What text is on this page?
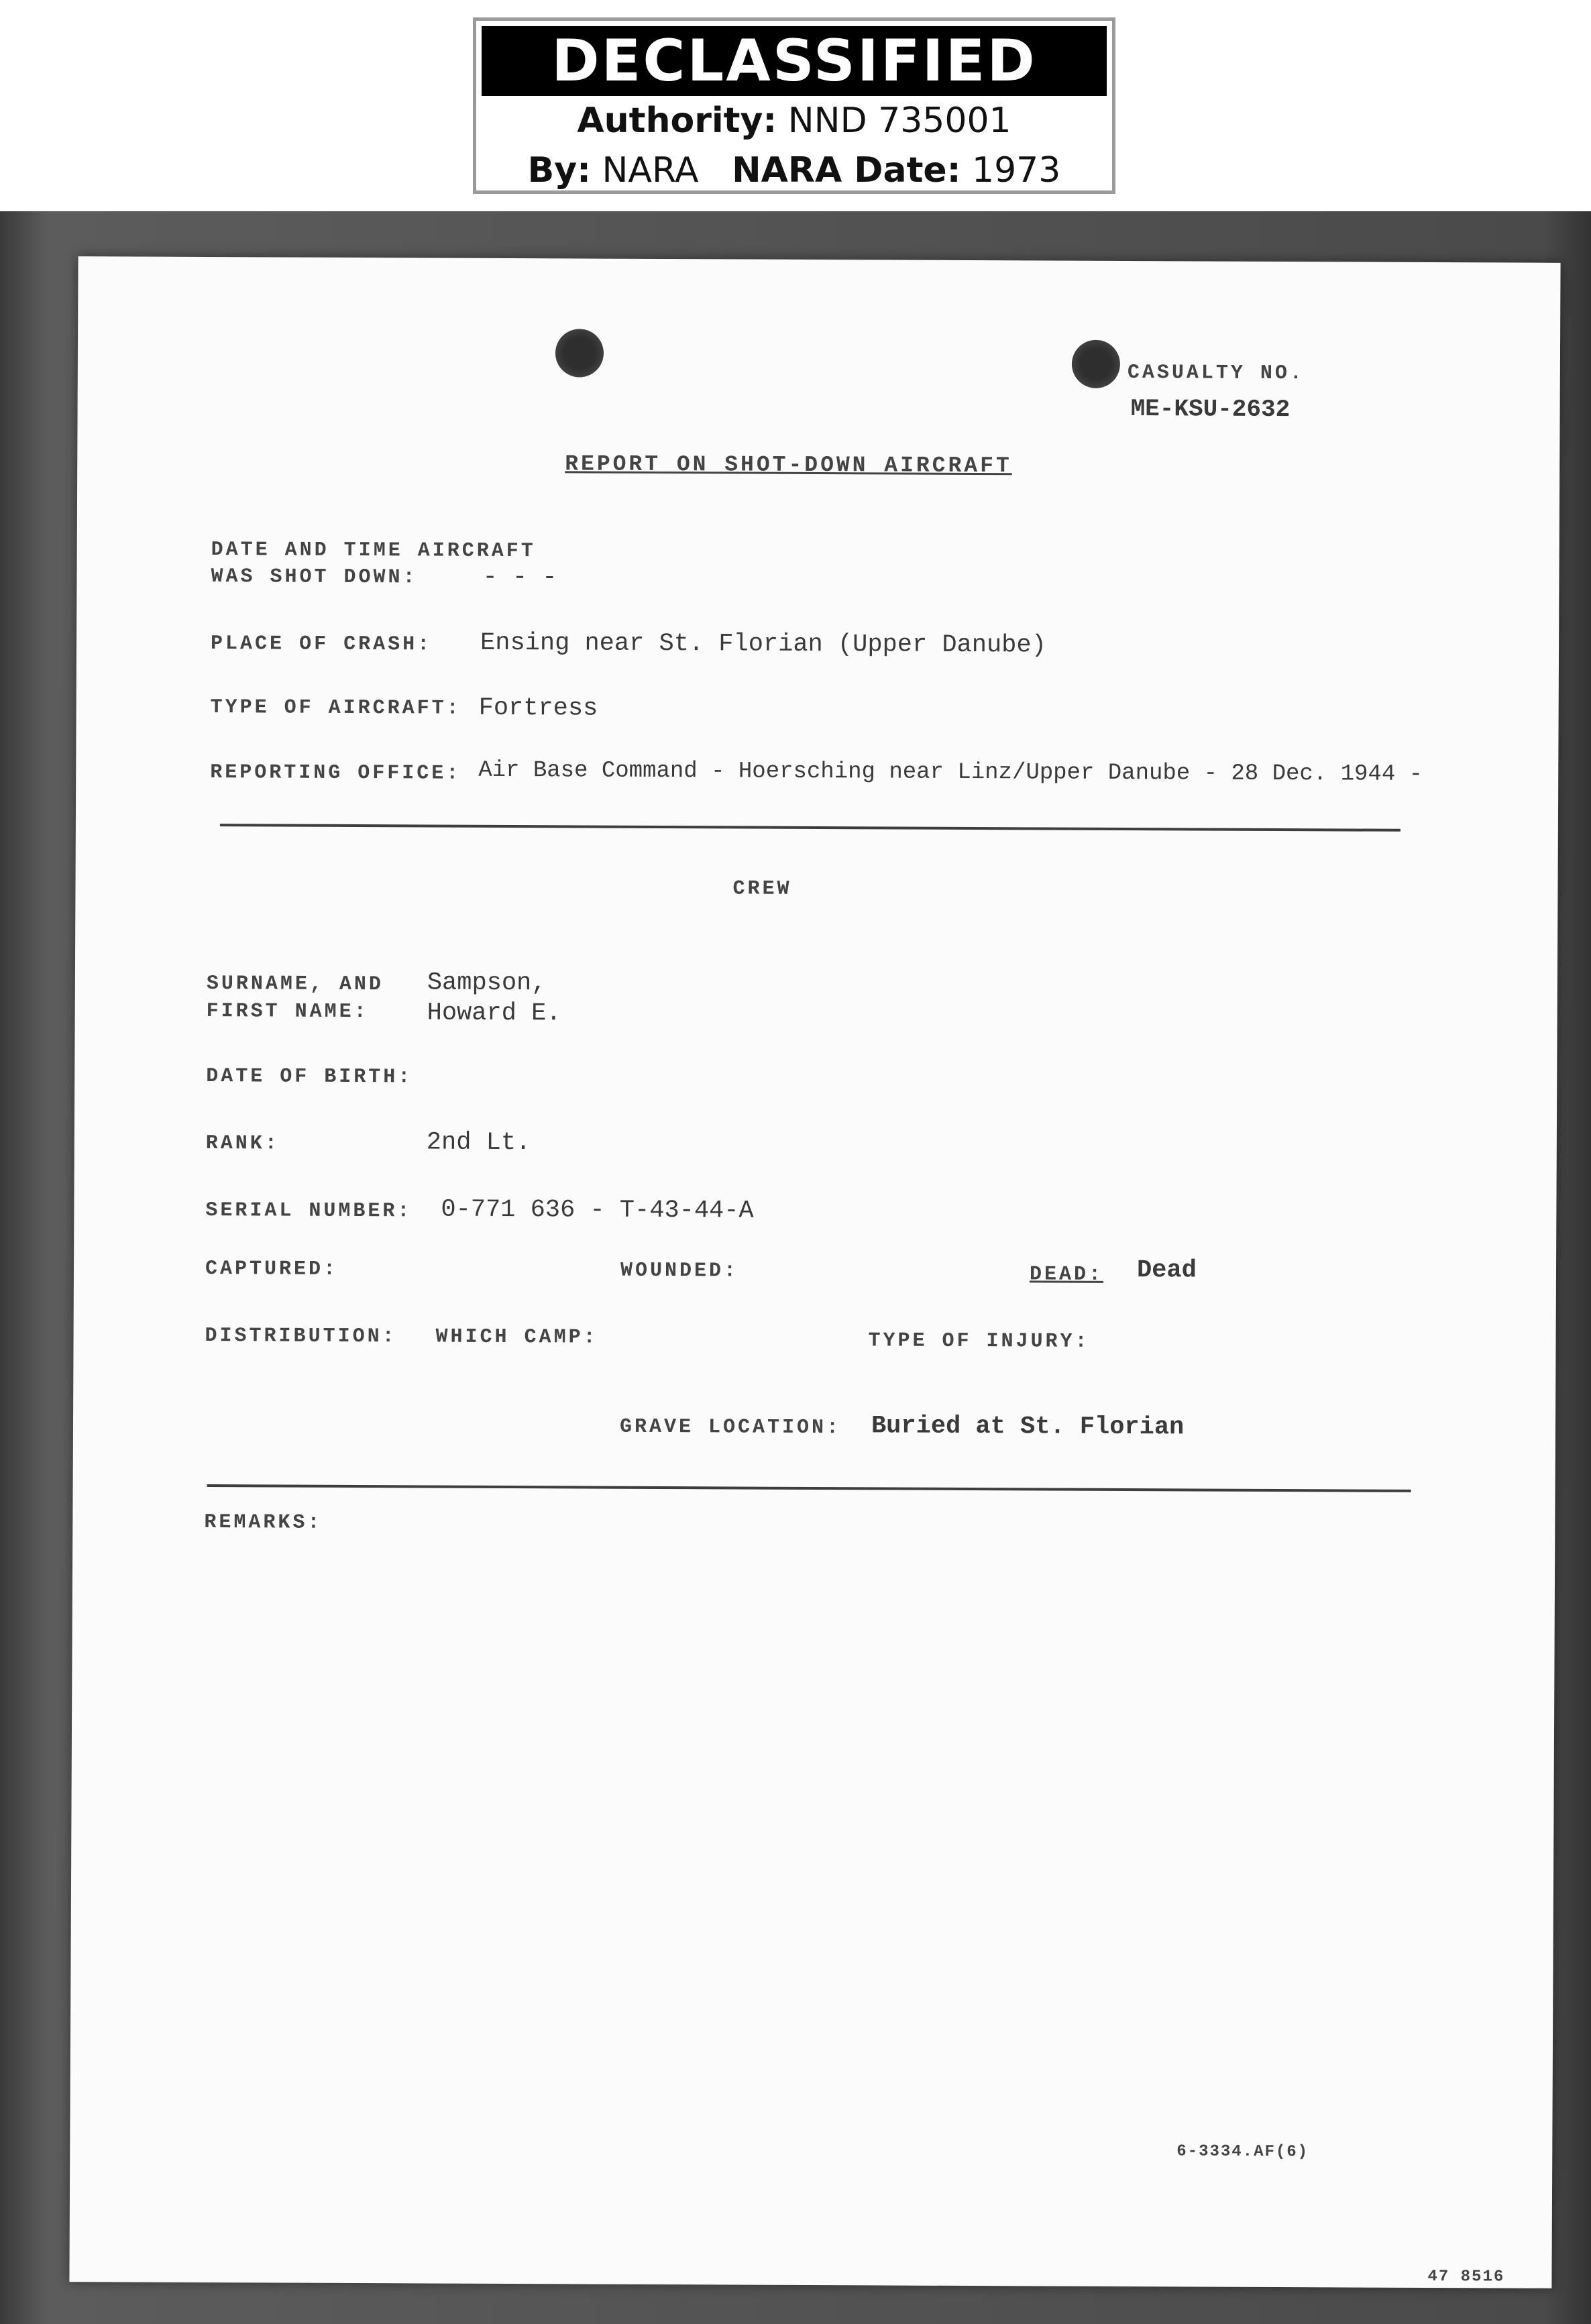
DECLASSIFIED
Authority: NND 735001
By: NARA NARA Date: 1973
CASUALTY NO.
ME-KSU-2632
REPORT ON SHOT-DOWN AIRCRAFT
DATE AND TIME AIRCRAFT
WAS SHOT DOWN:	- - -
PLACE OF CRASH: Ensing near St. Florian (Upper Danube)
TYPE OF AIRCRAFT: Fortress
REPORTING OFFICE: Air Base Command - Hoersching near Linz/Upper Danube - 28 Dec. 1944 -
CREW
SURNAME, AND
FIRST NAME:
Sampson,
Howard E.
DATE OF BIRTH:
RANK:	2nd Lt.
SERIAL NUMBER: 0-771 636 - T-43-44-A
CAPTURED:	WOUNDED:	DEAD: Dead
DISTRIBUTION: WHICH CAMP:	TYPE OF INJURY:
GRAVE LOCATION: Buried at St. Florian
REMARKS:
6-3334.AF(6)
47 8516
